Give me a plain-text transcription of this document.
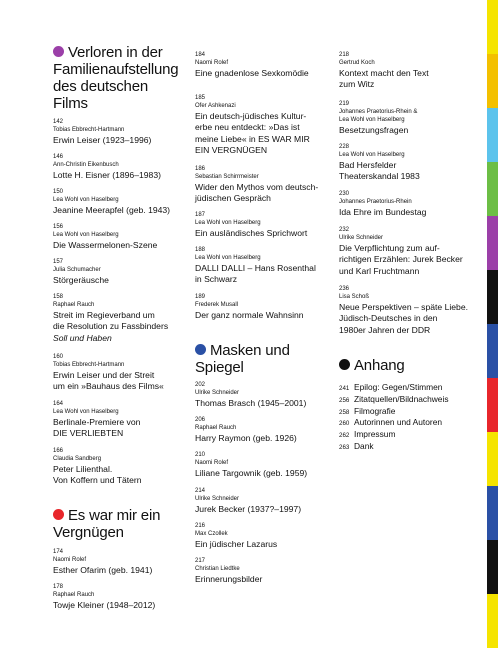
Verloren in der
Familienaufstellung
des deutschen Films
142
Tobias Ebbrecht-Hartmann
Erwin Leiser (1923–1996)
146
Ann-Christin Eikenbusch
Lotte H. Eisner (1896–1983)
150
Lea Wohl von Haselberg
Jeanine Meerapfel (geb. 1943)
156
Lea Wohl von Haselberg
Die Wassermelonen-Szene
157
Julia Schumacher
Störgeräusche
158
Raphael Rauch
Streit im Regieverband um
die Resolution zu Fassbinders
Soll und Haben
160
Tobias Ebbrecht-Hartmann
Erwin Leiser und der Streit
um ein »Bauhaus des Films«
164
Lea Wohl von Haselberg
Berlinale-Premiere von
DIE VERLIEBTEN
166
Claudia Sandberg
Peter Lilienthal.
Von Koffern und Tätern
Es war mir ein
Vergnügen
174
Naomi Rolef
Esther Ofarim (geb. 1941)
178
Raphael Rauch
Towje Kleiner (1948–2012)
184
Naomi Rolef
Eine gnadenlose Sexkomödie
185
Ofer Ashkenazi
Ein deutsch-jüdisches Kultur-
erbe neu entdeckt: »Das ist
meine Liebe« in ES WAR MIR
EIN VERGNÜGEN
186
Sebastian Schirrmeister
Wider den Mythos vom deutsch-
jüdischen Gespräch
187
Lea Wohl von Haselberg
Ein ausländisches Sprichwort
188
Lea Wohl von Haselberg
DALLI DALLI – Hans Rosenthal
in Schwarz
189
Frederek Musall
Der ganz normale Wahnsinn
Masken und
Spiegel
202
Ulrike Schneider
Thomas Brasch (1945–2001)
206
Raphael Rauch
Harry Raymon (geb. 1926)
210
Naomi Rolef
Liliane Targownik (geb. 1959)
214
Ulrike Schneider
Jurek Becker (1937?–1997)
216
Max Czollek
Ein jüdischer Lazarus
217
Christian Liedtke
Erinnerungsbilder
218
Gertrud Koch
Kontext macht den Text
zum Witz
219
Johannes Praetorius-Rhein &
Lea Wohl von Haselberg
Besetzungsfragen
228
Lea Wohl von Haselberg
Bad Hersfelder
Theaterskandal 1983
230
Johannes Praetorius-Rhein
Ida Ehre im Bundestag
232
Ulrike Schneider
Die Verpflichtung zum auf-
richtigen Erzählen: Jurek Becker
und Karl Fruchtmann
236
Lisa Schoß
Neue Perspektiven – späte Liebe.
Jüdisch-Deutsches in den
1980er Jahren der DDR
Anhang
241 Epilog: Gegen/Stimmen
256 Zitatquellen/Bildnachweis
258 Filmografie
260 Autorinnen und Autoren
262 Impressum
263 Dank
